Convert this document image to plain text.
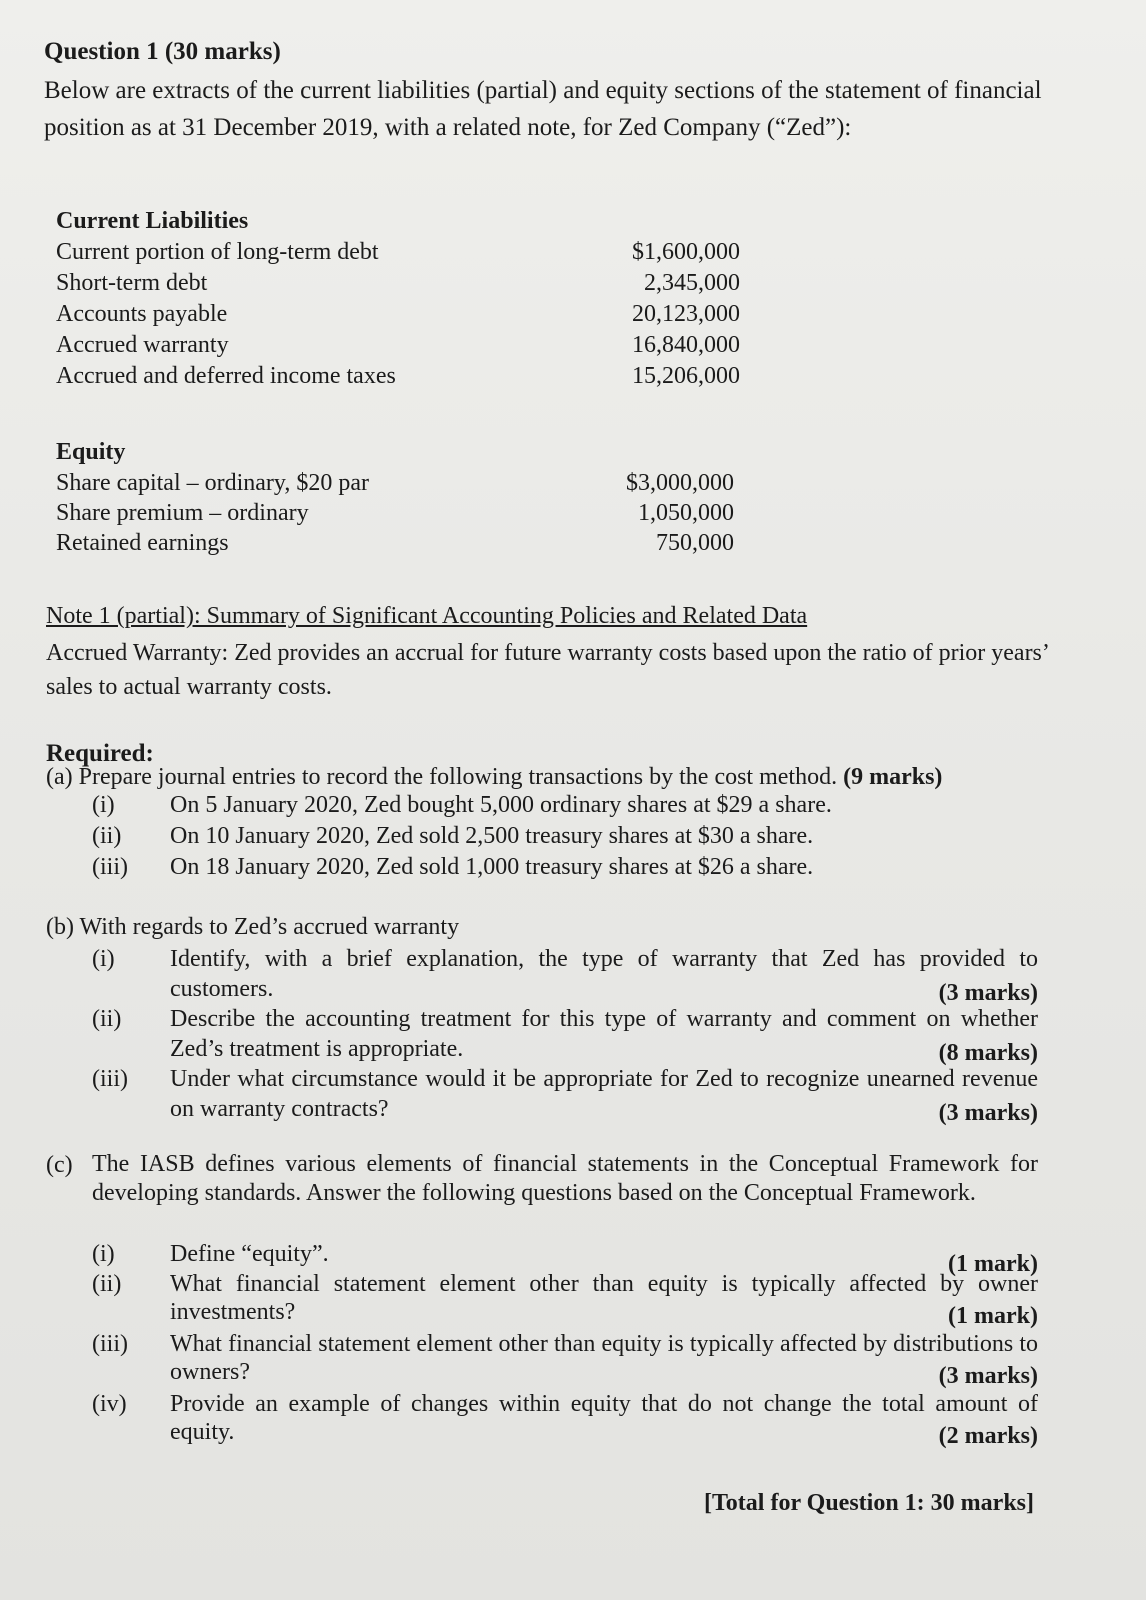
Question 1 (30 marks)
Below are extracts of the current liabilities (partial) and equity sections of the statement of financial position as at 31 December 2019, with a related note, for Zed Company (“Zed”):
Current Liabilities
Current portion of long-term debt	$1,600,000
Short-term debt	2,345,000
Accounts payable	20,123,000
Accrued warranty	16,840,000
Accrued and deferred income taxes	15,206,000
Equity
Share capital – ordinary, $20 par	$3,000,000
Share premium – ordinary	1,050,000
Retained earnings	750,000
Note 1 (partial): Summary of Significant Accounting Policies and Related Data
Accrued Warranty: Zed provides an accrual for future warranty costs based upon the ratio of prior years’ sales to actual warranty costs.
Required:
(a) Prepare journal entries to record the following transactions by the cost method. (9 marks)
(i) On 5 January 2020, Zed bought 5,000 ordinary shares at $29 a share.
(ii) On 10 January 2020, Zed sold 2,500 treasury shares at $30 a share.
(iii) On 18 January 2020, Zed sold 1,000 treasury shares at $26 a share.
(b) With regards to Zed’s accrued warranty
(i) Identify, with a brief explanation, the type of warranty that Zed has provided to customers.	(3 marks)
(ii) Describe the accounting treatment for this type of warranty and comment on whether Zed’s treatment is appropriate.	(8 marks)
(iii) Under what circumstance would it be appropriate for Zed to recognize unearned revenue on warranty contracts?	(3 marks)
(c) The IASB defines various elements of financial statements in the Conceptual Framework for developing standards. Answer the following questions based on the Conceptual Framework.
(i) Define “equity”.	(1 mark)
(ii) What financial statement element other than equity is typically affected by owner investments?	(1 mark)
(iii) What financial statement element other than equity is typically affected by distributions to owners?	(3 marks)
(iv) Provide an example of changes within equity that do not change the total amount of equity.	(2 marks)
[Total for Question 1: 30 marks]
